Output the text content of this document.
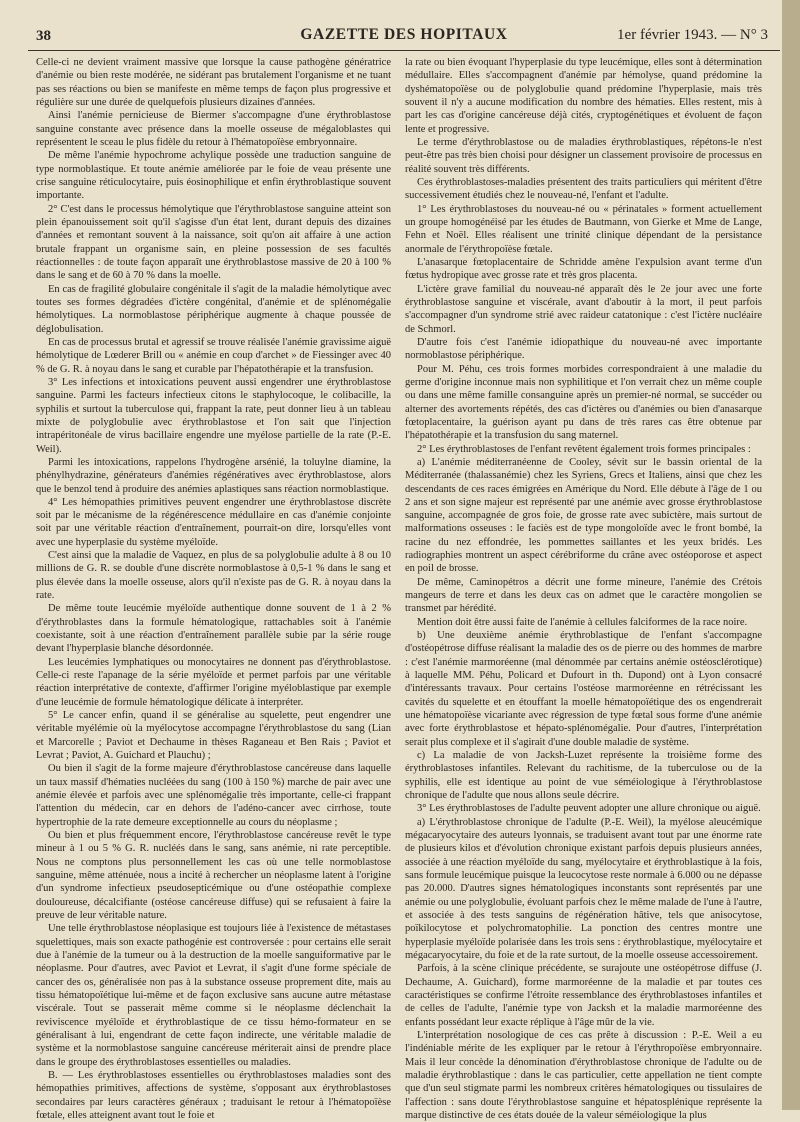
38	GAZETTE DES HOPITAUX	1er février 1943. — N° 3

Celle-ci ne devient vraiment massive que lorsque la cause pathogène génératrice d'anémie ou bien reste modérée, ne sidérant pas brutalement l'organisme et ne tuant pas ses réactions ou bien se manifeste en même temps de façon plus progressive et régulière sur une durée de quelquefois plusieurs dizaines d'années.

Ainsi l'anémie pernicieuse de Biermer s'accompagne d'une érythroblastose sanguine constante avec présence dans la moelle osseuse de mégaloblastes qui représentent le sceau le plus fidèle du retour à l'hématopoïèse embryonnaire.

De même l'anémie hypochrome achylique possède une traduction sanguine de type normoblastique. Et toute anémie améliorée par le foie de veau présente une crise sanguine réticulocytaire, puis éosinophilique et enfin érythroblastique souvent importante.

2° C'est dans le processus hémolytique que l'érythroblastose sanguine atteint son plein épanouissement soit qu'il s'agisse d'un état lent, durant depuis des dizaines d'années et remontant souvent à la naissance, soit qu'on ait affaire à une action brutale frappant un organisme sain, en pleine possession de ses facultés réactionnelles : de toute façon apparaît une érythroblastose massive de 20 à 100 % dans le sang et de 60 à 70 % dans la moelle.

En cas de fragilité globulaire congénitale il s'agit de la maladie hémolytique avec toutes ses formes dégradées d'ictère congénital, d'anémie et de splénomégalie hémolytiques. La normoblastose périphérique augmente à chaque poussée de déglobulisation.

En cas de processus brutal et agressif se trouve réalisée l'anémie gravissime aiguë hémolytique de Lœderer Brill ou « anémie en coup d'archet » de Fiessinger avec 40 % de G. R. à noyau dans le sang et curable par l'hépatothérapie et la transfusion.

3° Les infections et intoxications peuvent aussi engendrer une érythroblastose sanguine. Parmi les facteurs infectieux citons le staphylocoque, le colibacille, la syphilis et surtout la tuberculose qui, frappant la rate, peut donner lieu à un tableau mixte de polyglobulie avec érythroblastose et l'on sait que l'injection intrapéritonéale de virus bacillaire engendre une myélose partielle de la rate (P.-E. Weil).

Parmi les intoxications, rappelons l'hydrogène arsénié, la toluylne diamine, la phénylhydrazine, générateurs d'anémies régénératives avec érythroblastose, alors que le benzol tend à produire des anémies aplastiques sans réaction normoblastique.

4° Les hémopathies primitives peuvent engendrer une érythroblastose discrète soit par le mécanisme de la régénérescence médullaire en cas d'anémie conjointe soit par une véritable réaction d'entraînement, pourrait-on dire, lorsqu'elles vont avec une hyperplasie du système myéloïde.

C'est ainsi que la maladie de Vaquez, en plus de sa polyglobulie adulte à 8 ou 10 millions de G. R. se double d'une discrète normoblastose à 0,5-1 % dans le sang et plus élevée dans la moelle osseuse, alors qu'il n'existe pas de G. R. à noyau dans la rate.

De même toute leucémie myéloïde authentique donne souvent de 1 à 2 % d'érythroblastes dans la formule hématologique, rattachables soit à l'anémie coexistante, soit à une réaction d'entraînement parallèle subie par la série rouge devant l'hyperplasie blanche désordonnée.

Les leucémies lymphatiques ou monocytaires ne donnent pas d'érythroblastose. Celle-ci reste l'apanage de la série myéloïde et permet parfois par une véritable réaction interprétative de contexte, d'affirmer l'origine myéloblastique par exemple d'une leucémie de formule hématologique délicate à interpréter.

5° Le cancer enfin, quand il se généralise au squelette, peut engendrer une véritable myélémie où la myélocytose accompagne l'érythroblastose du sang (Lian et Marcorelle ; Paviot et Dechaume in thèses Raganeau et Ben Rais ; Paviot et Levrat ; Paviot, A. Guichard et Plauchu) ;

Ou bien il s'agit de la forme majeure d'érythroblastose cancéreuse dans laquelle un taux massif d'hématies nucléées du sang (100 à 150 %) marche de pair avec une anémie élevée et parfois avec une splénomégalie très importante, celle-ci frappant l'attention du médecin, car en dehors de l'adéno-cancer avec cirrhose, toute hypertrophie de la rate demeure exceptionnelle au cours du néoplasme ;

Ou bien et plus fréquemment encore, l'érythroblastose cancéreuse revêt le type mineur à 1 ou 5 % G. R. nucléés dans le sang, sans anémie, ni rate perceptible. Nous ne comptons plus personnellement les cas où une telle normoblastose sanguine, même atténuée, nous a incité à rechercher un néoplasme latent à l'origine d'un syndrome infectieux pseudosepticémique ou d'une ostéopathie complexe douloureuse, décalcifiante (ostéose cancéreuse diffuse) qui se refusaient à faire la preuve de leur véritable nature.

Une telle érythroblastose néoplasique est toujours liée à l'existence de métastases squelettiques, mais son exacte pathogénie est controversée : pour certains elle serait due à l'anémie de la tumeur ou à la destruction de la moelle sanguiformative par le néoplasme. Pour d'autres, avec Paviot et Levrat, il s'agit d'une forme spéciale de cancer des os, généralisée non pas à la substance osseuse proprement dite, mais au tissu hématopoïétique lui-même et de façon exclusive sans aucune autre métastase viscérale. Tout se passerait même comme si le néoplasme déclenchait la reviviscence myéloïde et érythroblastique de ce tissu hémo-formateur en se généralisant à lui, engendrant de cette façon indirecte, une véritable maladie de système et la normoblastose sanguine cancéreuse mériterait ainsi de prendre place dans le groupe des érythroblastoses essentielles ou maladies.

B. — Les érythroblastoses essentielles ou érythroblastoses maladies sont des hémopathies primitives, affections de système, s'opposant aux érythroblastoses secondaires par leurs caractères généraux ; traduisant le retour à l'hématopoïèse fœtale, elles atteignent avant tout le foie et

la rate ou bien évoquant l'hyperplasie du type leucémique, elles sont à détermination médullaire. Elles s'accompagnent d'anémie par hémolyse, quand prédomine la dyshématopoïèse ou de polyglobulie quand prédomine l'hyperplasie, mais très souvent il n'y a aucune modification du nombre des hématies. Elles restent, mis à part les cas d'origine cancéreuse déjà cités, cryptogénétiques et évoluent de façon lente et progressive.

Le terme d'érythroblastose ou de maladies érythroblastiques, répétons-le n'est peut-être pas très bien choisi pour désigner un classement provisoire de processus en réalité souvent très différents.

Ces érythroblastoses-maladies présentent des traits particuliers qui méritent d'être successivement étudiés chez le nouveau-né, l'enfant et l'adulte.

1° Les érythroblastoses du nouveau-né ou « périnatales » forment actuellement un groupe homogénéisé par les études de Bautmann, von Gierke et Mme de Lange, Fehn et Noël. Elles réalisent une trinité clinique dépendant de la persistance anormale de l'érythropoïèse fœtale.

L'anasarque fœtoplacentaire de Schridde amène l'expulsion avant terme d'un fœtus hydropique avec grosse rate et très gros placenta.

L'ictère grave familial du nouveau-né apparaît dès le 2e jour avec une forte érythroblastose sanguine et viscérale, avant d'aboutir à la mort, il peut parfois s'accompagner d'un syndrome strié avec raideur catatonique : c'est l'ictère nucléaire de Schmorl.

D'autre fois c'est l'anémie idiopathique du nouveau-né avec importante normoblastose périphérique.

Pour M. Péhu, ces trois formes morbides correspondraient à une maladie du germe d'origine inconnue mais non syphilitique et l'on verrait chez un même couple ou dans une même famille consanguine après un premier-né normal, se succéder ou alterner des avortements répétés, des cas d'ictères ou d'anémies ou bien d'anasarque fœtoplacentaire, la guérison ayant pu dans de très rares cas être obtenue par l'hépatothérapie et la transfusion du sang maternel.

2° Les érythroblastoses de l'enfant revêtent également trois formes principales :

a) L'anémie méditerranéenne de Cooley, sévit sur le bassin oriental de la Méditerranée (thalassanémie) chez les Syriens, Grecs et Italiens, ainsi que chez les descendants de ces races émigrées en Amérique du Nord. Elle débute à l'âge de 1 ou 2 ans et son signe majeur est représenté par une anémie avec grosse érythroblastose sanguine, accompagnée de gros foie, de grosse rate avec subictère, mais surtout de malformations osseuses : le faciès est de type mongoloïde avec le front bombé, la racine du nez effondrée, les pommettes saillantes et les yeux bridés. Les radiographies montrent un aspect cérébriforme du crâne avec ostéoporose et aspect en poil de brosse.

De même, Caminopétros a décrit une forme mineure, l'anémie des Crétois mangeurs de terre et dans les deux cas on admet que le caractère mongolien se transmet par hérédité.

Mention doit être aussi faite de l'anémie à cellules falciformes de la race noire.

b) Une deuxième anémie érythroblastique de l'enfant s'accompagne d'ostéopétrose diffuse réalisant la maladie des os de pierre ou des hommes de marbre : c'est l'anémie marmoréenne (mal dénommée par certains anémie ostéosclérotique) à laquelle MM. Péhu, Policard et Dufourt in th. Dupond) ont à Lyon consacré d'intéressants travaux. Pour certains l'ostéose marmoréenne en rétrécissant les cavités du squelette et en étouffant la moelle hématopoïétique des os engendrerait une hématopoïèse vicariante avec régression de type fœtal sous forme d'une anémie avec forte érythroblastose et hépato-splénomégalie. Pour d'autres, l'interprétation serait plus complexe et il s'agirait d'une double maladie de système.

c) La maladie de von Jacksh-Luzet représente la troisième forme des érythroblastoses infantiles. Relevant du rachitisme, de la tuberculose ou de la syphilis, elle est identique au point de vue séméiologique à l'érythroblastose chronique de l'adulte que nous allons seule décrire.

3° Les érythroblastoses de l'adulte peuvent adopter une allure chronique ou aiguë.

a) L'érythroblastose chronique de l'adulte (P.-E. Weil), la myélose aleucémique mégacaryocytaire des auteurs lyonnais, se traduisent avant tout par une énorme rate de plusieurs kilos et d'évolution chronique existant parfois depuis plusieurs années, associée à une réaction myéloïde du sang, myélocytaire et érythroblastique à la fois, sans formule leucémique puisque la leucocytose reste normale à 6.000 ou ne dépasse pas 20.000. D'autres signes hématologiques inconstants sont représentés par une anémie ou une polyglobulie, évoluant parfois chez le même malade de l'une à l'autre, et associée à des tests sanguins de régénération hâtive, tels que anisocytose, poïkilocytose et polychromatophilie. La ponction des centres montre une hyperplasie myéloïde polarisée dans les trois sens : érythroblastique, myélocytaire et mégacaryocytaire, du foie et de la rate surtout, de la moelle osseuse accessoirement.

Parfois, à la scène clinique précédente, se surajoute une ostéopétrose diffuse (J. Dechaume, A. Guichard), forme marmoréenne de la maladie et par toutes ces caractéristiques se confirme l'étroite ressemblance des érythroblastoses infantiles et de celles de l'adulte, l'anémie type von Jacksh et la maladie marmoréenne des enfants possédant leur exacte réplique à l'âge mûr de la vie.

L'interprétation nosologique de ces cas prête à discussion : P.-E. Weil a eu l'indéniable mérite de les expliquer par le retour à l'érythropoïèse embryonnaire. Mais il leur concède la dénomination d'érythroblastose chronique de l'adulte ou de maladie érythroblastique : dans le cas particulier, cette appellation ne tient compte que d'un seul stigmate parmi les nombreux critères hématologiques ou tissulaires de l'affection : sans doute l'érythroblastose sanguine et hépatosplénique représente la marque distinctive de ces états douée de la valeur séméiologique la plus
